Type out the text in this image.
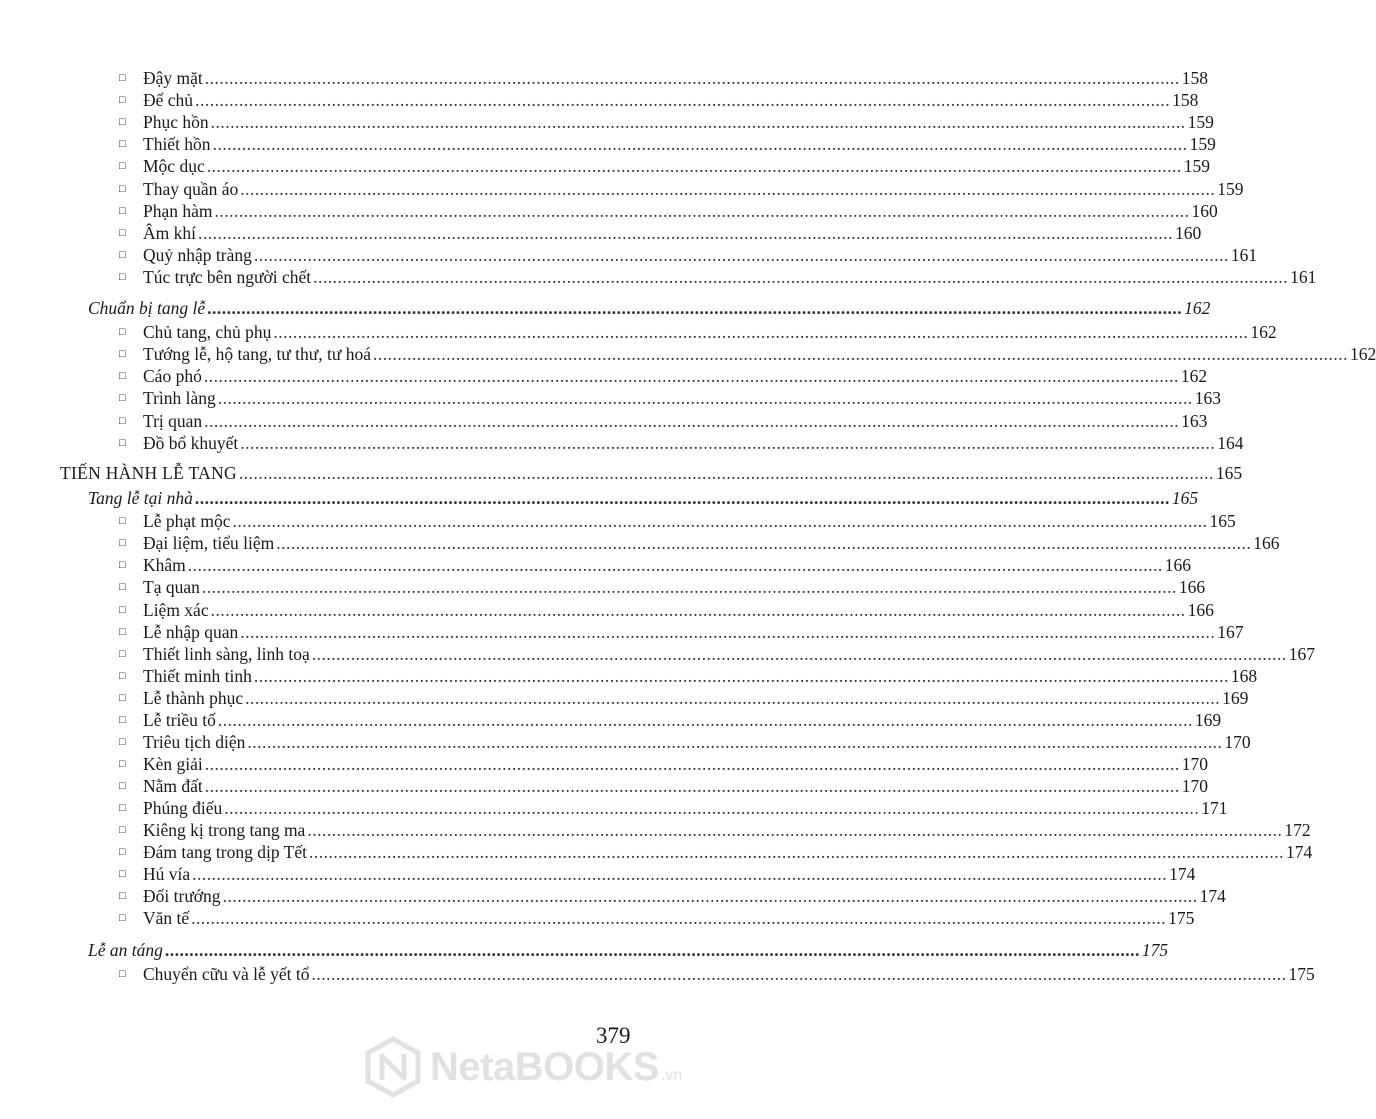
□ Đậy mặt ........................................................................................................................................................................................................ 158
□ Để chủ ........................................................................................................................................................................................................ 158
□ Phục hồn ........................................................................................................................................................................................................ 159
□ Thiết hồn ........................................................................................................................................................................................................ 159
□ Mộc dục ........................................................................................................................................................................................................ 159
□ Thay quần áo ........................................................................................................................................................................................................ 159
□ Phạn hàm ........................................................................................................................................................................................................ 160
□ Âm khí ........................................................................................................................................................................................................ 160
□ Quỷ nhập tràng ........................................................................................................................................................................................................ 161
□ Túc trực bên người chết ........................................................................................................................................................................................................ 161
Chuẩn bị tang lễ ........................................................................................................................................................................................................ 162
□ Chủ tang, chủ phụ ........................................................................................................................................................................................................ 162
□ Tướng lễ, hộ tang, tư thư, tư hoá ........................................................................................................................................................................................................ 162
□ Cáo phó ........................................................................................................................................................................................................ 162
□ Trình làng ........................................................................................................................................................................................................ 163
□ Trị quan ........................................................................................................................................................................................................ 163
□ Đồ bổ khuyết ........................................................................................................................................................................................................ 164
TIẾN HÀNH LỄ TANG ........................................................................................................................................................................................................ 165
Tang lễ tại nhà ........................................................................................................................................................................................................ 165
□ Lễ phạt mộc ........................................................................................................................................................................................................ 165
□ Đại liệm, tiểu liệm ........................................................................................................................................................................................................ 166
□ Khâm ........................................................................................................................................................................................................ 166
□ Tạ quan ........................................................................................................................................................................................................ 166
□ Liệm xác ........................................................................................................................................................................................................ 166
□ Lễ nhập quan ........................................................................................................................................................................................................ 167
□ Thiết linh sàng, linh toạ ........................................................................................................................................................................................................ 167
□ Thiết minh tinh ........................................................................................................................................................................................................ 168
□ Lễ thành phục ........................................................................................................................................................................................................ 169
□ Lễ triều tố ........................................................................................................................................................................................................ 169
□ Triêu tịch diện ........................................................................................................................................................................................................ 170
□ Kèn giải ........................................................................................................................................................................................................ 170
□ Nằm đất ........................................................................................................................................................................................................ 170
□ Phúng điếu ........................................................................................................................................................................................................ 171
□ Kiêng kị trong tang ma ........................................................................................................................................................................................................ 172
□ Đám tang trong dịp Tết ........................................................................................................................................................................................................ 174
□ Hú vía ........................................................................................................................................................................................................ 174
□ Đối trướng ........................................................................................................................................................................................................ 174
□ Văn tế ........................................................................................................................................................................................................ 175
Lễ an táng ........................................................................................................................................................................................................ 175
□ Chuyển cữu và lễ yết tổ ........................................................................................................................................................................................................ 175
379
NetaBOOKS .vn
